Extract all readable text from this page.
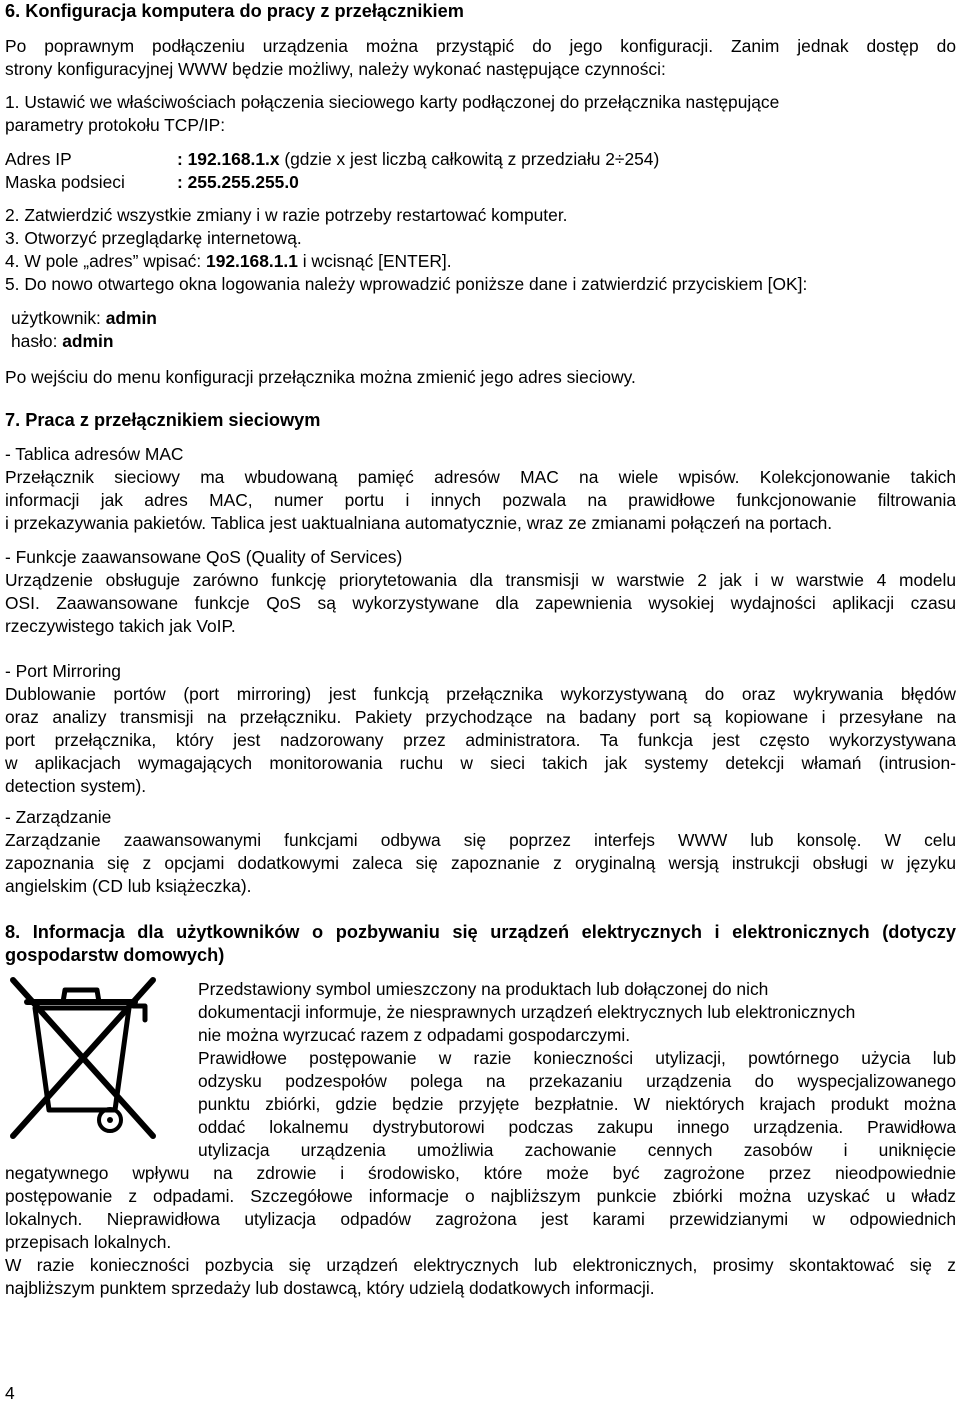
6. Konfiguracja komputera do pracy z przełącznikiem

Po poprawnym podłączeniu urządzenia można przystąpić do jego konfiguracji. Zanim jednak dostęp do
strony konfiguracyjnej WWW będzie możliwy, należy wykonać następujące czynności:
1. Ustawić we właściwościach połączenia sieciowego karty podłączonej do przełącznika następujące
parametry protokołu TCP/IP:

Adres IP	: 192.168.1.x (gdzie x jest liczbą całkowitą z przedziału 2÷254)

Maska podsieci	: 255.255.255.0

2. Zatwierdzić wszystkie zmiany i w razie potrzeby restartować komputer.

3. Otworzyć przeglądarkę internetową.

4. W pole „adres” wpisać: 192.168.1.1 i wcisnąć [ENTER].

5. Do nowo otwartego okna logowania należy wprowadzić poniższe dane i zatwierdzić przyciskiem [OK]:

użytkownik: admin

hasło: admin

Po wejściu do menu konfiguracji przełącznika można zmienić jego adres sieciowy.

7. Praca z przełącznikiem sieciowym

- Tablica adresów MAC

Przełącznik sieciowy ma wbudowaną pamięć adresów MAC na wiele wpisów. Kolekcjonowanie takich
informacji jak adres MAC, numer portu i innych pozwala na prawidłowe funkcjonowanie filtrowania
i przekazywania pakietów. Tablica jest uaktualniana automatycznie, wraz ze zmianami połączeń na portach.

- Funkcje zaawansowane QoS (Quality of Services)

Urządzenie obsługuje zarówno funkcję priorytetowania dla transmisji w warstwie 2 jak i w warstwie 4 modelu
OSI. Zaawansowane funkcje QoS są wykorzystywane dla zapewnienia wysokiej wydajności aplikacji czasu
rzeczywistego takich jak VoIP.

- Port Mirroring

Dublowanie portów (port mirroring) jest funkcją przełącznika wykorzystywaną do oraz wykrywania błędów
oraz analizy transmisji na przełączniku. Pakiety przychodzące na badany port są kopiowane i przesyłane na
port przełącznika, który jest nadzorowany przez administratora. Ta funkcja jest często wykorzystywana
w aplikacjach wymagających monitorowania ruchu w sieci takich jak systemy detekcji włamań (intrusion-
detection system).

- Zarządzanie

Zarządzanie zaawansowanymi funkcjami odbywa się poprzez interfejs WWW lub konsolę. W celu
zapoznania się z opcjami dodatkowymi zaleca się zapoznanie z oryginalną wersją instrukcji obsługi w języku
angielskim (CD lub książeczka).
8. Informacja dla użytkowników o pozbywaniu się urządzeń elektrycznych i elektronicznych (dotyczy
gospodarstw domowych)
Przedstawiony symbol umieszczony na produktach lub dołączonej do nich
dokumentacji informuje, że niesprawnych urządzeń elektrycznych lub elektronicznych
nie można wyrzucać razem z odpadami gospodarczymi.
Prawidłowe postępowanie w razie konieczności utylizacji, powtórnego użycia lub
odzysku podzespołów polega na przekazaniu urządzenia do wyspecjalizowanego
punktu zbiórki, gdzie będzie przyjęte bezpłatnie. W niektórych krajach produkt można
oddać lokalnemu dystrybutorowi podczas zakupu innego urządzenia. Prawidłowa
utylizacja urządzenia umożliwia zachowanie cennych zasobów i uniknięcie
negatywnego wpływu na zdrowie i środowisko, które może być zagrożone przez nieodpowiednie
postępowanie z odpadami. Szczegółowe informacje o najbliższym punkcie zbiórki można uzyskać u władz
lokalnych. Nieprawidłowa utylizacja odpadów zagrożona jest karami przewidzianymi w odpowiednich
przepisach lokalnych.
W razie konieczności pozbycia się urządzeń elektrycznych lub elektronicznych, prosimy skontaktować się z
najbliższym punktem sprzedaży lub dostawcą, który udzielą dodatkowych informacji.
4
